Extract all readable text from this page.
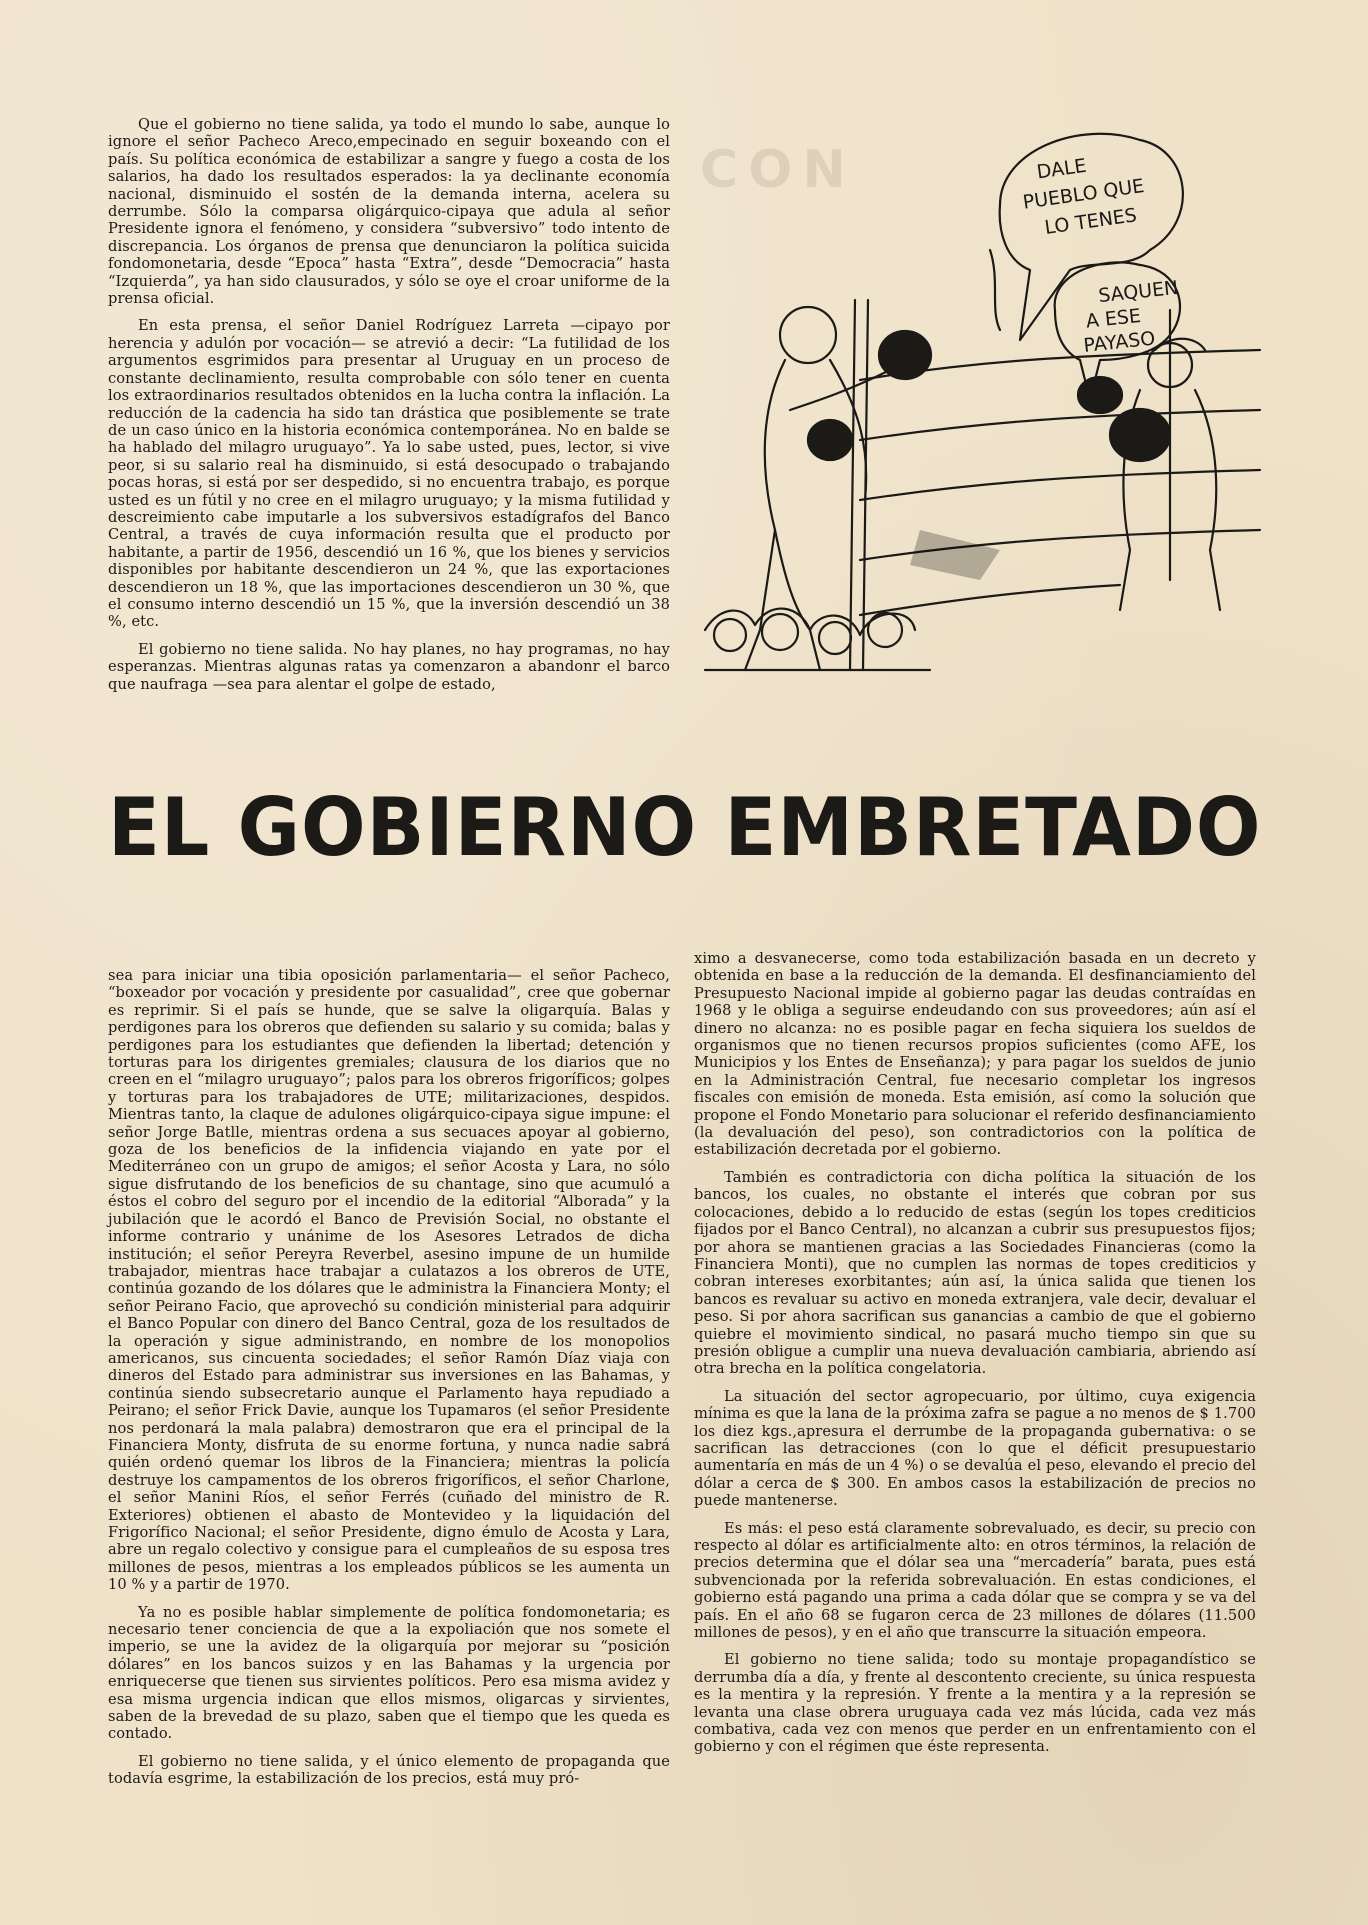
CON

Que el gobierno no tiene salida, ya todo el mundo lo sabe, aunque lo ignore el señor Pacheco Areco,empecinado en seguir boxeando con el país. Su política económica de estabilizar a sangre y fuego a costa de los salarios, ha dado los resultados esperados: la ya declinante economía nacional, disminuido el sostén de la demanda interna, acelera su derrumbe. Sólo la comparsa oligárquico-cipaya que adula al señor Presidente ignora el fenómeno, y considera “subversivo” todo intento de discrepancia. Los órganos de prensa que denunciaron la política suicida fondomonetaria, desde “Epoca” hasta “Extra”, desde “Democracia” hasta “Izquierda”, ya han sido clausurados, y sólo se oye el croar uniforme de la prensa oficial.

En esta prensa, el señor Daniel Rodríguez Larreta —cipayo por herencia y adulón por vocación— se atrevió a decir: “La futilidad de los argumentos esgrimidos para presentar al Uruguay en un proceso de constante declinamiento, resulta comprobable con sólo tener en cuenta los extraordinarios resultados obtenidos en la lucha contra la inflación. La reducción de la cadencia ha sido tan drástica que posiblemente se trate de un caso único en la historia económica contemporánea. No en balde se ha hablado del milagro uruguayo”. Ya lo sabe usted, pues, lector, si vive peor, si su salario real ha disminuido, si está desocupado o trabajando pocas horas, si está por ser despedido, si no encuentra trabajo, es porque usted es un fútil y no cree en el milagro uruguayo; y la misma futilidad y descreimiento cabe imputarle a los subversivos estadígrafos del Banco Central, a través de cuya información resulta que el producto por habitante, a partir de 1956, descendió un 16 %, que los bienes y servicios disponibles por habitante descendieron un 24 %, que las exportaciones descendieron un 18 %, que las importaciones descendieron un 30 %, que el consumo interno descendió un 15 %, que la inversión descendió un 38 %, etc.

El gobierno no tiene salida. No hay planes, no hay programas, no hay esperanzas. Mientras algunas ratas ya comenzaron a abandonr el barco que naufraga —sea para alentar el golpe de estado,

DALE
PUEBLO QUE
LO TENES
SAQUEN
A ESE
PAYASO
EL GOBIERNO EMBRETADO

sea para iniciar una tibia oposición parlamentaria— el señor Pacheco, “boxeador por vocación y presidente por casualidad”, cree que gobernar es reprimir. Si el país se hunde, que se salve la oligarquía. Balas y perdigones para los obreros que defienden su salario y su comida; balas y perdigones para los estudiantes que defienden la libertad; detención y torturas para los dirigentes gremiales; clausura de los diarios que no creen en el “milagro uruguayo”; palos para los obreros frigoríficos; golpes y torturas para los trabajadores de UTE; militarizaciones, despidos. Mientras tanto, la claque de adulones oligárquico-cipaya sigue impune: el señor Jorge Batlle, mientras ordena a sus secuaces apoyar al gobierno, goza de los beneficios de la infidencia viajando en yate por el Mediterráneo con un grupo de amigos; el señor Acosta y Lara, no sólo sigue disfrutando de los beneficios de su chantage, sino que acumuló a éstos el cobro del seguro por el incendio de la editorial “Alborada” y la jubilación que le acordó el Banco de Previsión Social, no obstante el informe contrario y unánime de los Asesores Letrados de dicha institución; el señor Pereyra Reverbel, asesino impune de un humilde trabajador, mientras hace trabajar a culatazos a los obreros de UTE, continúa gozando de los dólares que le administra la Financiera Monty; el señor Peirano Facio, que aprovechó su condición ministerial para adquirir el Banco Popular con dinero del Banco Central, goza de los resultados de la operación y sigue administrando, en nombre de los monopolios americanos, sus cincuenta sociedades; el señor Ramón Díaz viaja con dineros del Estado para administrar sus inversiones en las Bahamas, y continúa siendo subsecretario aunque el Parlamento haya repudiado a Peirano; el señor Frick Davie, aunque los Tupamaros (el señor Presidente nos perdonará la mala palabra) demostraron que era el principal de la Financiera Monty, disfruta de su enorme fortuna, y nunca nadie sabrá quién ordenó quemar los libros de la Financiera; mientras la policía destruye los campamentos de los obreros frigoríficos, el señor Charlone, el señor Manini Ríos, el señor Ferrés (cuñado del ministro de R. Exteriores) obtienen el abasto de Montevideo y la liquidación del Frigorífico Nacional; el señor Presidente, digno émulo de Acosta y Lara, abre un regalo colectivo y consigue para el cumpleaños de su esposa tres millones de pesos, mientras a los empleados públicos se les aumenta un 10 % y a partir de 1970.

Ya no es posible hablar simplemente de política fondomonetaria; es necesario tener conciencia de que a la expoliación que nos somete el imperio, se une la avidez de la oligarquía por mejorar su “posición dólares” en los bancos suizos y en las Bahamas y la urgencia por enriquecerse que tienen sus sirvientes políticos. Pero esa misma avidez y esa misma urgencia indican que ellos mismos, oligarcas y sirvientes, saben de la brevedad de su plazo, saben que el tiempo que les queda es contado.

El gobierno no tiene salida, y el único elemento de propaganda que todavía esgrime, la estabilización de los precios, está muy pró-

ximo a desvanecerse, como toda estabilización basada en un decreto y obtenida en base a la reducción de la demanda. El desfinanciamiento del Presupuesto Nacional impide al gobierno pagar las deudas contraídas en 1968 y le obliga a seguirse endeudando con sus proveedores; aún así el dinero no alcanza: no es posible pagar en fecha siquiera los sueldos de organismos que no tienen recursos propios suficientes (como AFE, los Municipios y los Entes de Enseñanza); y para pagar los sueldos de junio en la Administración Central, fue necesario completar los ingresos fiscales con emisión de moneda. Esta emisión, así como la solución que propone el Fondo Monetario para solucionar el referido desfinanciamiento (la devaluación del peso), son contradictorios con la política de estabilización decretada por el gobierno.

También es contradictoria con dicha política la situación de los bancos, los cuales, no obstante el interés que cobran por sus colocaciones, debido a lo reducido de estas (según los topes crediticios fijados por el Banco Central), no alcanzan a cubrir sus presupuestos fijos; por ahora se mantienen gracias a las Sociedades Financieras (como la Financiera Monti), que no cumplen las normas de topes crediticios y cobran intereses exorbitantes; aún así, la única salida que tienen los bancos es revaluar su activo en moneda extranjera, vale decir, devaluar el peso. Si por ahora sacrifican sus ganancias a cambio de que el gobierno quiebre el movimiento sindical, no pasará mucho tiempo sin que su presión obligue a cumplir una nueva devaluación cambiaria, abriendo así otra brecha en la política congelatoria.

La situación del sector agropecuario, por último, cuya exigencia mínima es que la lana de la próxima zafra se pague a no menos de $ 1.700 los diez kgs.,apresura el derrumbe de la propaganda gubernativa: o se sacrifican las detracciones (con lo que el déficit presupuestario aumentaría en más de un 4 %) o se devalúa el peso, elevando el precio del dólar a cerca de $ 300. En ambos casos la estabilización de precios no puede mantenerse.

Es más: el peso está claramente sobrevaluado, es decir, su precio con respecto al dólar es artificialmente alto: en otros términos, la relación de precios determina que el dólar sea una “mercadería” barata, pues está subvencionada por la referida sobrevaluación. En estas condiciones, el gobierno está pagando una prima a cada dólar que se compra y se va del país. En el año 68 se fugaron cerca de 23 millones de dólares (11.500 millones de pesos), y en el año que transcurre la situación empeora.

El gobierno no tiene salida; todo su montaje propagandístico se derrumba día a día, y frente al descontento creciente, su única respuesta es la mentira y la represión. Y frente a la mentira y a la represión se levanta una clase obrera uruguaya cada vez más lúcida, cada vez más combativa, cada vez con menos que perder en un enfrentamiento con el gobierno y con el régimen que éste representa.
